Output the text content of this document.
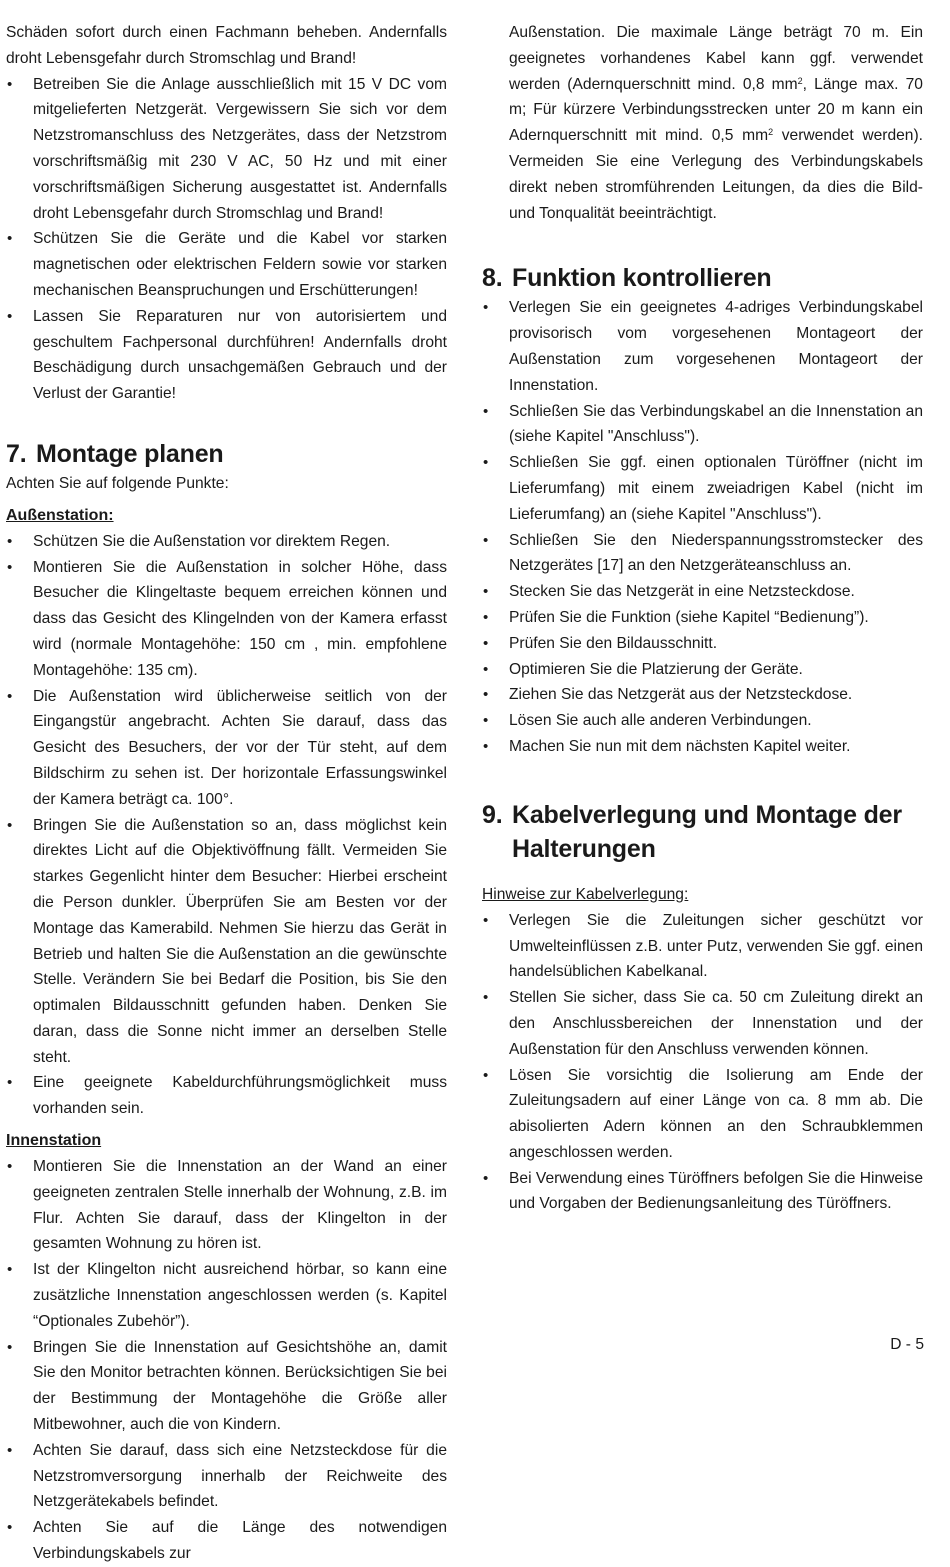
Schäden sofort durch einen Fachmann beheben. Andernfalls droht Lebensgefahr durch Stromschlag und Brand!

• Betreiben Sie die Anlage ausschließlich mit 15 V DC vom mitgelieferten Netzgerät. Vergewissern Sie sich vor dem Netzstromanschluss des Netzgerätes, dass der Netzstrom vorschriftsmäßig mit 230 V AC, 50 Hz und mit einer vorschriftsmäßigen Sicherung ausgestattet ist. Andernfalls droht Lebensgefahr durch Stromschlag und Brand!
• Schützen Sie die Geräte und die Kabel vor starken magnetischen oder elektrischen Feldern sowie vor starken mechanischen Beanspruchungen und Erschütterungen!
• Lassen Sie Reparaturen nur von autorisiertem und geschultem Fachpersonal durchführen! Andernfalls droht Beschädigung durch unsachgemäßen Gebrauch und der Verlust der Garantie!
7. Montage planen

Achten Sie auf folgende Punkte:

Außenstation:

• Schützen Sie die Außenstation vor direktem Regen.
• Montieren Sie die Außenstation in solcher Höhe, dass Besucher die Klingeltaste bequem erreichen können und dass das Gesicht des Klingelnden von der Kamera erfasst wird (normale Montagehöhe: 150 cm , min. empfohlene Montagehöhe: 135 cm).
• Die Außenstation wird üblicherweise seitlich von der Eingangstür angebracht. Achten Sie darauf, dass das Gesicht des Besuchers, der vor der Tür steht, auf dem Bildschirm zu sehen ist. Der horizontale Erfassungswinkel der Kamera beträgt ca. 100°.
• Bringen Sie die Außenstation so an, dass möglichst kein direktes Licht auf die Objektivöffnung fällt. Vermeiden Sie starkes Gegenlicht hinter dem Besucher: Hierbei erscheint die Person dunkler. Überprüfen Sie am Besten vor der Montage das Kamerabild. Nehmen Sie hierzu das Gerät in Betrieb und halten Sie die Außenstation an die gewünschte Stelle. Verändern Sie bei Bedarf die Position, bis Sie den optimalen Bildausschnitt gefunden haben. Denken Sie daran, dass die Sonne nicht immer an derselben Stelle steht.
• Eine geeignete Kabeldurchführungsmöglichkeit muss vorhanden sein.

Innenstation

• Montieren Sie die Innenstation an der Wand an einer geeigneten zentralen Stelle innerhalb der Wohnung, z.B. im Flur. Achten Sie darauf, dass der Klingelton in der gesamten Wohnung zu hören ist.
• Ist der Klingelton nicht ausreichend hörbar, so kann eine zusätzliche Innenstation angeschlossen werden (s. Kapitel “Optionales Zubehör”).
• Bringen Sie die Innenstation auf Gesichtshöhe an, damit Sie den Monitor betrachten können. Berücksichtigen Sie bei der Bestimmung der Montagehöhe die Größe aller Mitbewohner, auch die von Kindern.
• Achten Sie darauf, dass sich eine Netzsteckdose für die Netzstromversorgung innerhalb der Reichweite des Netzgerätekabels befindet.
• Achten Sie auf die Länge des notwendigen Verbindungskabels zur

Außenstation. Die maximale Länge beträgt 70 m. Ein geeignetes vorhandenes Kabel kann ggf. verwendet werden (Adernquerschnitt mind. 0,8 $mm^2$, Länge max. 70 m; Für kürzere Verbindungsstrecken unter 20 m kann ein Adernquerschnitt mit mind. 0,5 $mm^2$ verwendet werden). Vermeiden Sie eine Verlegung des Verbindungskabels direkt neben stromführenden Leitungen, da dies die Bild- und Tonqualität beeinträchtigt.

8. Funktion kontrollieren
• Verlegen Sie ein geeignetes 4-adriges Verbindungskabel provisorisch vom vorgesehenen Montageort der Außenstation zum vorgesehenen Montageort der Innenstation.
• Schließen Sie das Verbindungskabel an die Innenstation an (siehe Kapitel "Anschluss").
• Schließen Sie ggf. einen optionalen Türöffner (nicht im Lieferumfang) mit einem zweiadrigen Kabel (nicht im Lieferumfang) an (siehe Kapitel "Anschluss").
• Schließen Sie den Niederspannungsstromstecker des Netzgerätes [17] an den Netzgeräteanschluss an.
• Stecken Sie das Netzgerät in eine Netzsteckdose.
• Prüfen Sie die Funktion (siehe Kapitel “Bedienung”).
• Prüfen Sie den Bildausschnitt.
• Optimieren Sie die Platzierung der Geräte.
• Ziehen Sie das Netzgerät aus der Netzsteckdose.
• Lösen Sie auch alle anderen Verbindungen.
• Machen Sie nun mit dem nächsten Kapitel weiter.
9. Kabelverlegung und Montage der
Halterungen

Hinweise zur Kabelverlegung:

• Verlegen Sie die Zuleitungen sicher geschützt vor Umwelteinflüssen z.B. unter Putz, verwenden Sie ggf. einen handelsüblichen Kabelkanal.
• Stellen Sie sicher, dass Sie ca. 50 cm Zuleitung direkt an den Anschlussbereichen der Innenstation und der Außenstation für den Anschluss verwenden können.
• Lösen Sie vorsichtig die Isolierung am Ende der Zuleitungsadern auf einer Länge von ca. 8 mm ab. Die abisolierten Adern können an den Schraubklemmen angeschlossen werden.
• Bei Verwendung eines Türöffners befolgen Sie die Hinweise und Vorgaben der Bedienungsanleitung des Türöffners.
D - 5
